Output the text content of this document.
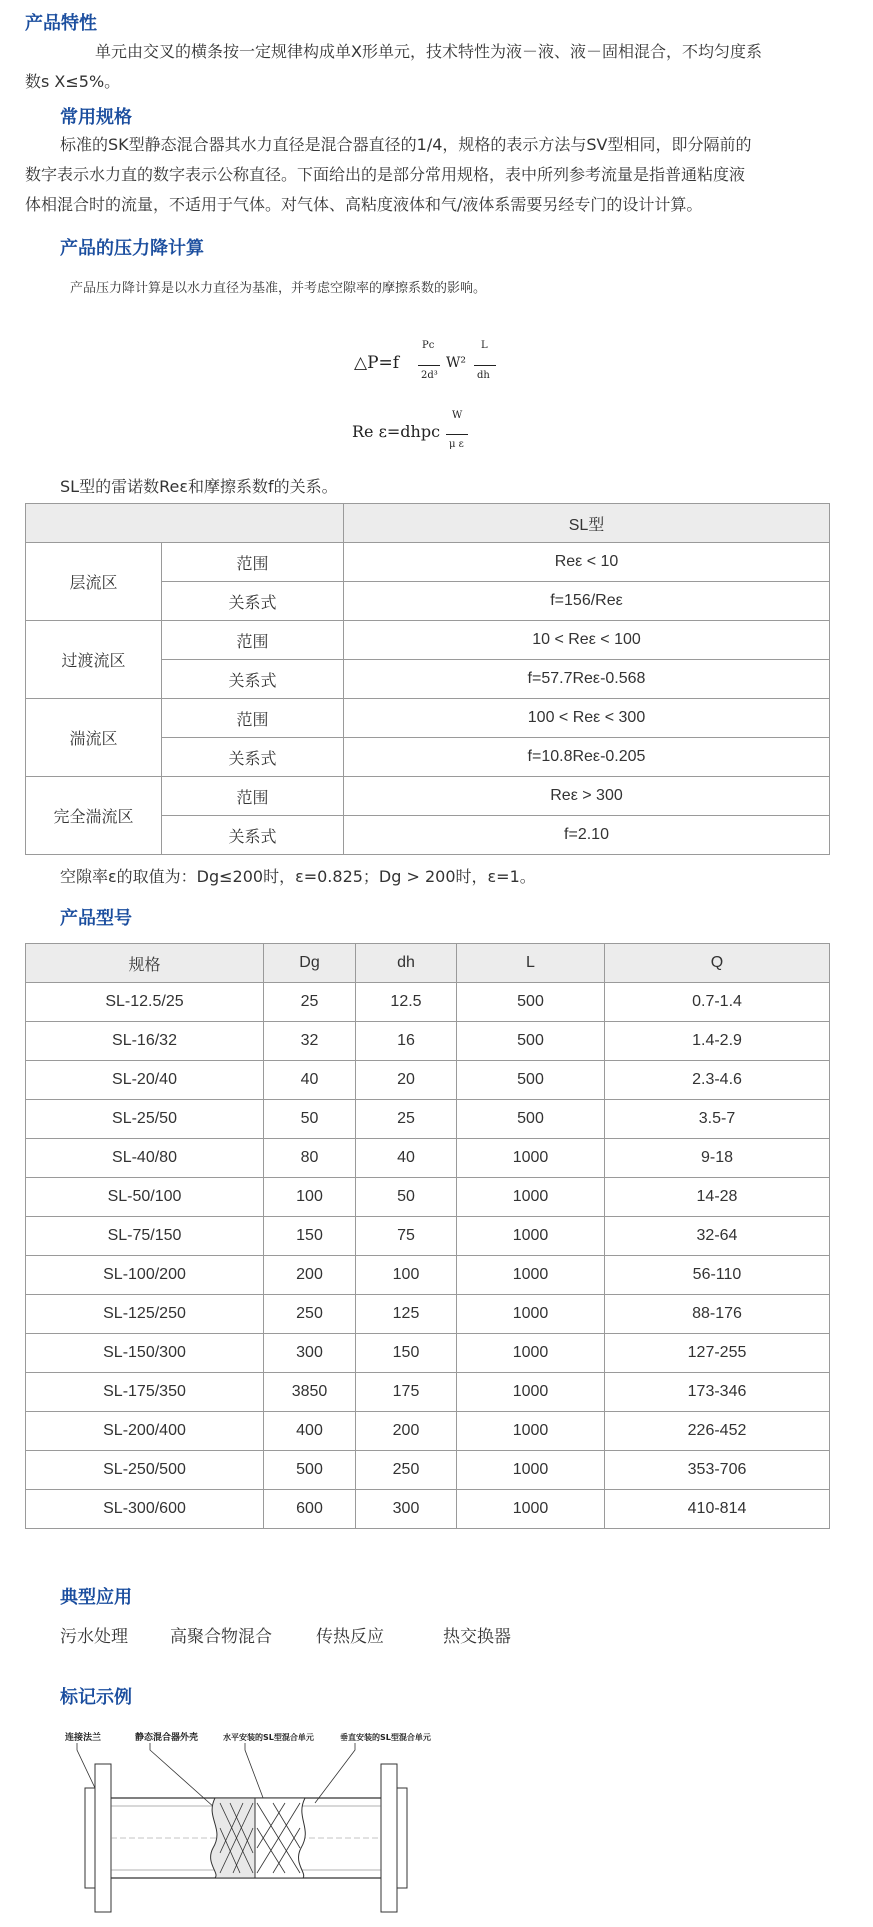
产品特性

单元由交叉的横条按一定规律构成单X形单元，技术特性为液－液、液－固相混合，不均匀度系

数s X≤5%。

常用规格

标准的SK型静态混合器其水力直径是混合器直径的1/4，规格的表示方法与SV型相同，即分隔前的

数字表示水力直的数字表示公称直径。下面给出的是部分常用规格，表中所列参考流量是指普通粘度液

体相混合时的流量，不适用于气体。对气体、高粘度液体和气/液体系需要另经专门的设计计算。

产品的压力降计算

产品压力降计算是以水力直径为基准，并考虑空隙率的摩擦系数的影响。

△P=f
Pc
2d³
W²
L
dh
Re ε=dhpc
W
μ ε

SL型的雷诺数Reε和摩擦系数f的关系。

		SL型
层流区	范围	Reε < 10
	关系式	f=156/Reε
过渡流区	范围	10 < Reε < 100
	关系式	f=57.7Reε-0.568
湍流区	范围	100 < Reε < 300
	关系式	f=10.8Reε-0.205
完全湍流区	范围	Reε > 300
	关系式	f=2.10

空隙率ε的取值为：Dg≤200时，ε=0.825；Dg > 200时，ε=1。

产品型号
规格	Dg	dh	L	Q
SL-12.5/25	25	12.5	500	0.7-1.4
SL-16/32	32	16	500	1.4-2.9
SL-20/40	40	20	500	2.3-4.6
SL-25/50	50	25	500	3.5-7
SL-40/80	80	40	1000	9-18
SL-50/100	100	50	1000	14-28
SL-75/150	150	75	1000	32-64
SL-100/200	200	100	1000	56-110
SL-125/250	250	125	1000	88-176
SL-150/300	300	150	1000	127-255
SL-175/350	3850	175	1000	173-346
SL-200/400	400	200	1000	226-452
SL-250/500	500	250	1000	353-706
SL-300/600	600	300	1000	410-814
典型应用
污水处理 高聚合物混合	传热反应	热交换器
标记示例
连接法兰	静态混合器外壳	水平安装的SL型混合单元	垂直安装的SL型混合单元
